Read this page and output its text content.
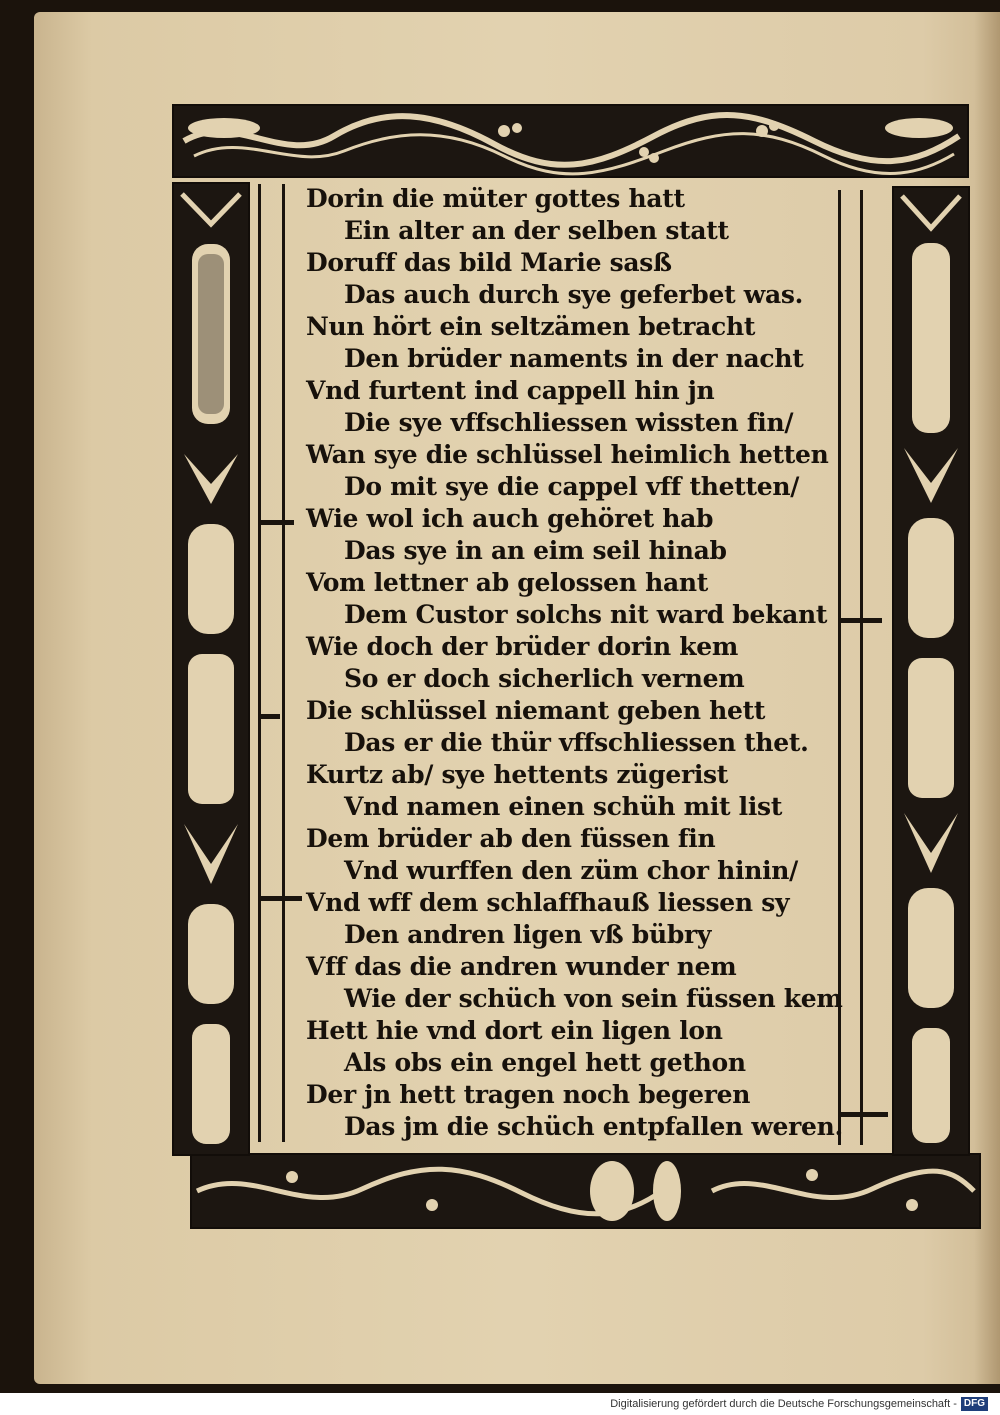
Dorin die müter gottes hatt
Ein alter an der selben statt
Doruff das bild Marie sasß
Das auch durch sye geferbet was.
Nun hört ein seltzämen betracht
Den brüder naments in der nacht
Vnd furtent ind cappell hin jn
Die sye vffschliessen wissten fin/
Wan sye die schlüssel heimlich hetten
Do mit sye die cappel vff thetten/
Wie wol ich auch gehöret hab
Das sye in an eim seil hinab
Vom lettner ab gelossen hant
Dem Custor solchs nit ward bekant
Wie doch der brüder dorin kem
So er doch sicherlich vernem
Die schlüssel niemant geben hett
Das er die thür vffschliessen thet.
Kurtz ab/ sye hettents zügerist
Vnd namen einen schüh mit list
Dem brüder ab den füssen fin
Vnd wurffen den züm chor hinin/
Vnd wff dem schlaffhauß liessen sy
Den andren ligen vß bübry
Vff das die andren wunder nem
Wie der schüch von sein füssen kem
Hett hie vnd dort ein ligen lon
Als obs ein engel hett gethon
Der jn hett tragen noch begeren
Das jm die schüch entpfallen weren.
Digitalisierung gefördert durch die Deutsche Forschungsgemeinschaft - DFG
